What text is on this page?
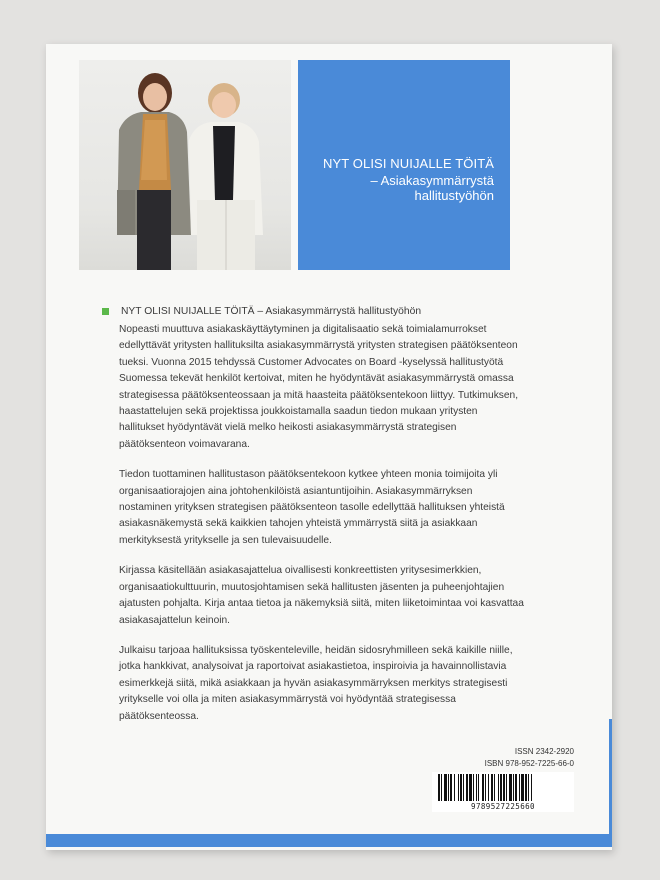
NYT OLISI NUIJALLE TÖITÄ
– Asiakasymmärrystä hallitustyöhön
NYT OLISI NUIJALLE TÖITÄ – Asiakasymmärrystä hallitustyöhön

Nopeasti muuttuva asiakaskäyttäytyminen ja digitalisaatio sekä toimialamurrokset edellyttävät yritysten hallituksilta asiakasymmärrystä yritysten strategisen päätöksenteon tueksi. Vuonna 2015 tehdyssä Customer Advocates on Board -kyselyssä hallitustyötä Suomessa tekevät henkilöt kertoivat, miten he hyödyntävät asiakasymmärrystä omassa strategisessa päätöksenteossaan ja mitä haasteita päätöksentekoon liittyy. Tutkimuksen, haastattelujen sekä projektissa joukkoistamalla saadun tiedon mukaan yritysten hallitukset hyödyntävät vielä melko heikosti asiakasymmärrystä strategisen päätöksenteon voimavarana.

Tiedon tuottaminen hallitustason päätöksentekoon kytkee yhteen monia toimijoita yli organisaatiorajojen aina johtohenkilöistä asiantuntijoihin. Asiakasymmärryksen nostaminen yrityksen strategisen päätöksenteon tasolle edellyttää hallituksen yhteistä asiakasnäkemystä sekä kaikkien tahojen yhteistä ymmärrystä siitä ja asiakkaan merkityksestä yritykselle ja sen tulevaisuudelle.

Kirjassa käsitellään asiakasajattelua oivallisesti konkreettisten yritysesimerkkien, organisaatiokulttuurin, muutosjohtamisen sekä hallitusten jäsenten ja puheenjohtajien ajatusten pohjalta. Kirja antaa tietoa ja näkemyksiä siitä, miten liiketoimintaa voi kasvattaa asiakasajattelun keinoin.

Julkaisu tarjoaa hallituksissa työskenteleville, heidän sidosryhmilleen sekä kaikille niille, jotka hankkivat, analysoivat ja raportoivat asiakastietoa, inspiroivia ja havainnollistavia esimerkkejä siitä, mikä asiakkaan ja hyvän asiakasymmärryksen merkitys strategisesti yritykselle voi olla ja miten asiakasymmärrystä voi hyödyntää strategisessa päätöksenteossa.

ISSN 2342-2920
ISBN 978-952-7225-66-0
9789527225660
